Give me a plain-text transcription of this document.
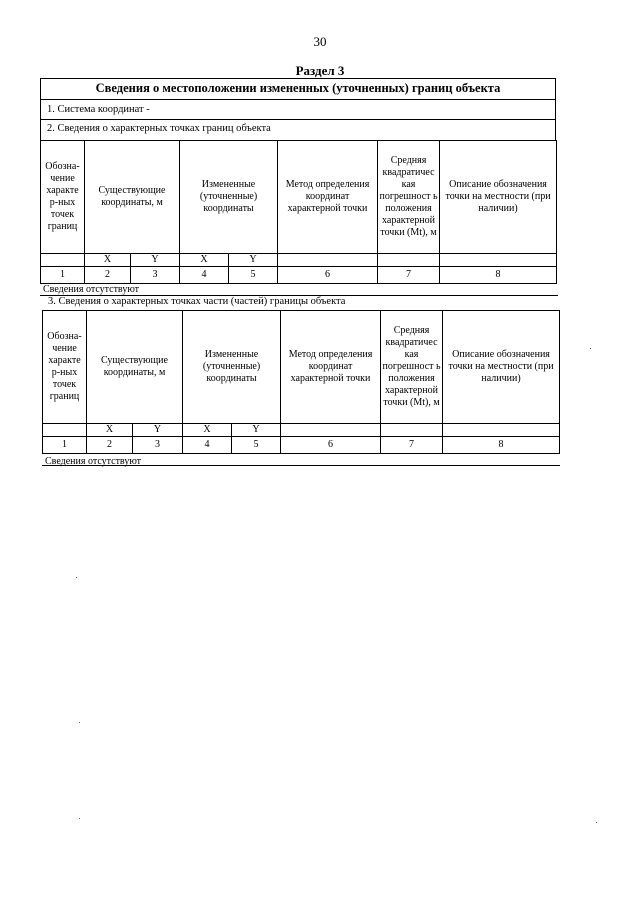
30
Раздел 3
Сведения о местоположении измененных (уточненных) границ объекта
1. Система координат -
2. Сведения о характерных точках границ объекта
Обозна-чение характе р-ных точек границ	Существующие координаты, м		Измененные (уточненные) координаты		Метод определения координат характерной точки	Средняя квадратичес кая погрешност ь положения характерной точки (Mt), м	Описание обозначения точки на местности (при наличии)
	X	Y	X	Y			
1	2	3	4	5	6	7	8
Сведения отсутствуют
3. Сведения о характерных точках части (частей) границы объекта
Обозна-чение характе р-ных точек границ	Существующие координаты, м		Измененные (уточненные) координаты		Метод определения координат характерной точки	Средняя квадратичес кая погрешност ь положения характерной точки (Mt), м	Описание обозначения точки на местности (при наличии)
	X	Y	X	Y			
1	2	3	4	5	6	7	8
Сведения отсутствуют
